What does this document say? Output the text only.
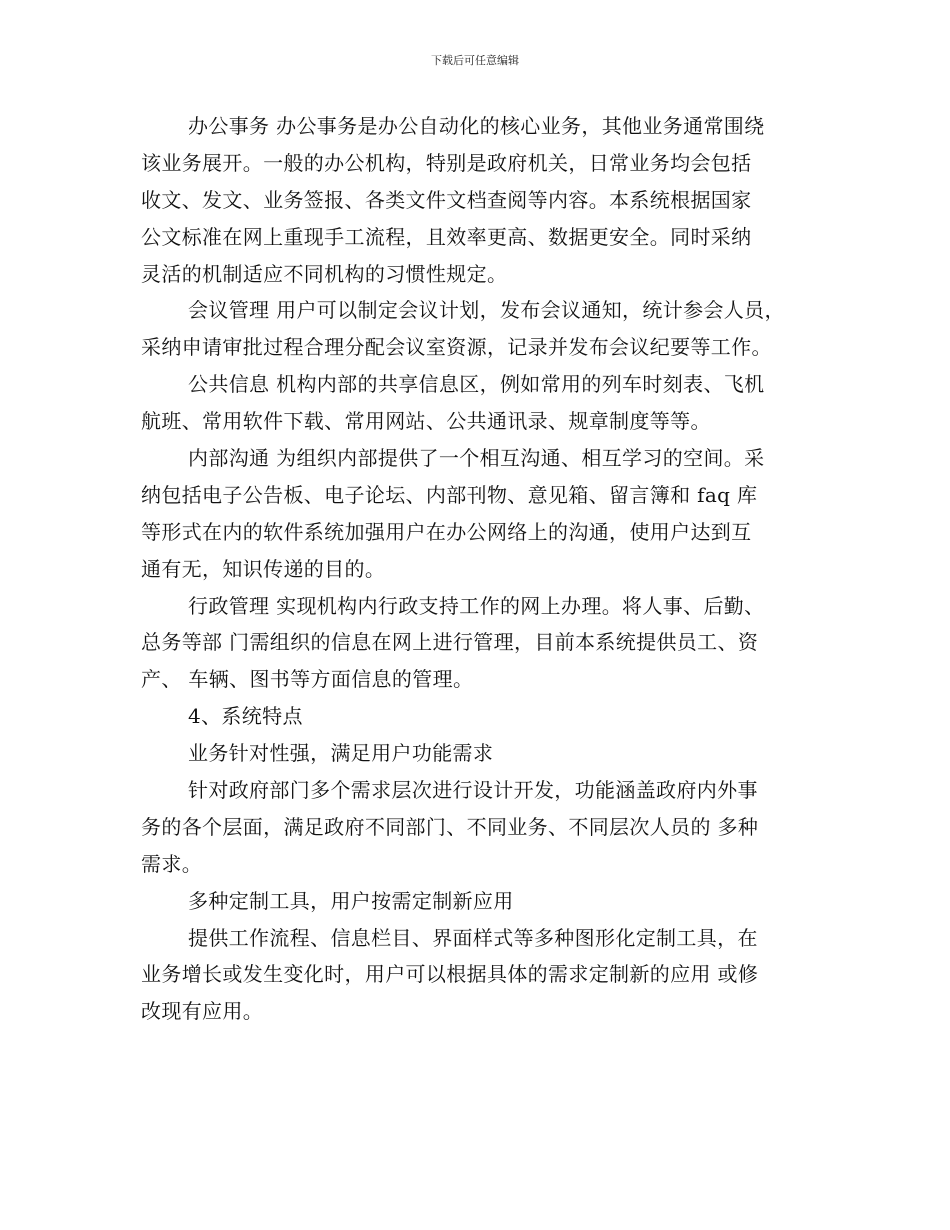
下载后可任意编辑
办公事务 办公事务是办公自动化的核心业务，其他业务通常围绕
该业务展开。一般的办公机构，特别是政府机关，日常业务均会包括
收文、发文、业务签报、各类文件文档查阅等内容。本系统根据国家
公文标准在网上重现手工流程，且效率更高、数据更安全。同时采纳
灵活的机制适应不同机构的习惯性规定。
会议管理 用户可以制定会议计划，发布会议通知，统计参会人员，
采纳申请审批过程合理分配会议室资源，记录并发布会议纪要等工作。
公共信息 机构内部的共享信息区，例如常用的列车时刻表、飞机
航班、常用软件下载、常用网站、公共通讯录、规章制度等等。
内部沟通 为组织内部提供了一个相互沟通、相互学习的空间。采
纳包括电子公告板、电子论坛、内部刊物、意见箱、留言簿和 faq 库
等形式在内的软件系统加强用户在办公网络上的沟通，使用户达到互
通有无，知识传递的目的。
行政管理 实现机构内行政支持工作的网上办理。将人事、后勤、
总务等部 门需组织的信息在网上进行管理，目前本系统提供员工、资
产、 车辆、图书等方面信息的管理。
4、系统特点
业务针对性强，满足用户功能需求
针对政府部门多个需求层次进行设计开发，功能涵盖政府内外事
务的各个层面，满足政府不同部门、不同业务、不同层次人员的 多种
需求。
多种定制工具，用户按需定制新应用
提供工作流程、信息栏目、界面样式等多种图形化定制工具，在
业务增长或发生变化时，用户可以根据具体的需求定制新的应用 或修
改现有应用。
